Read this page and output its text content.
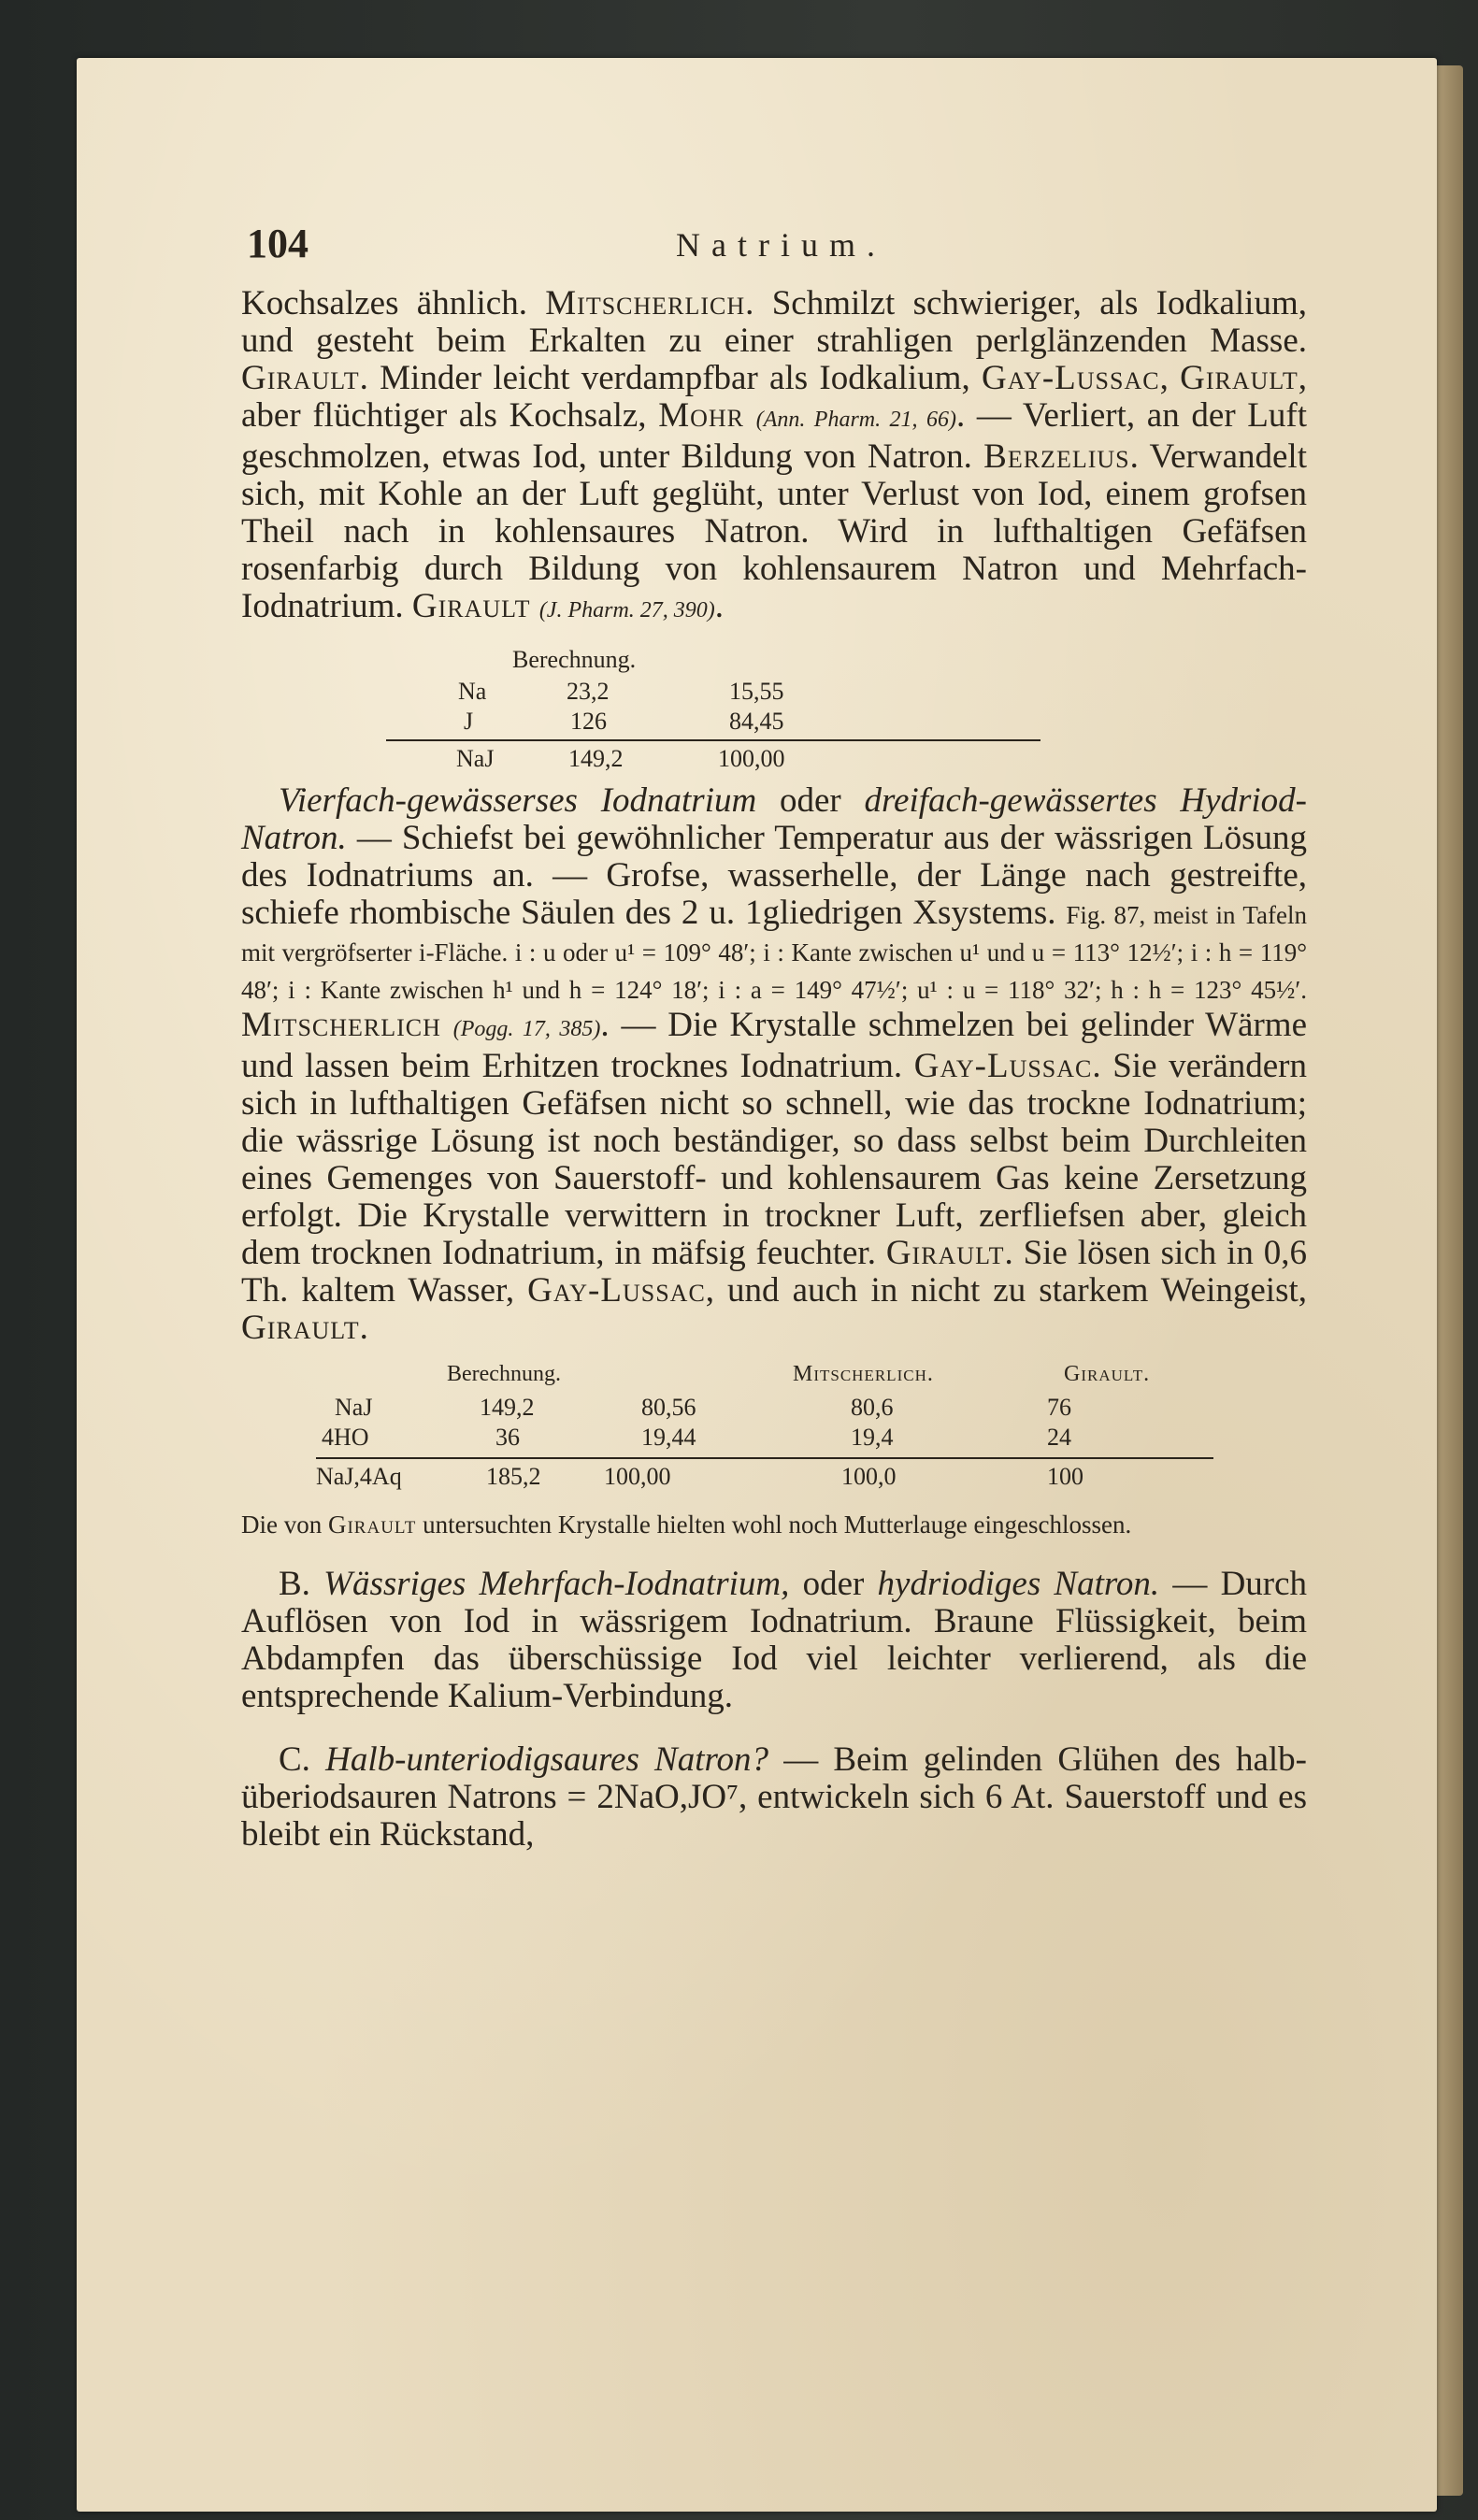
104	Natrium.

Kochsalzes ähnlich. Mitscherlich. Schmilzt schwieriger, als Iodkalium, und gesteht beim Erkalten zu einer strahligen perlglänzenden Masse. Girault. Minder leicht verdampfbar als Iodkalium, Gay-Lussac, Girault, aber flüchtiger als Kochsalz, Mohr (Ann. Pharm. 21, 66). — Verliert, an der Luft geschmolzen, etwas Iod, unter Bildung von Natron. Berzelius. Verwandelt sich, mit Kohle an der Luft geglüht, unter Verlust von Iod, einem grofsen Theil nach in kohlensaures Natron. Wird in lufthaltigen Gefäfsen rosenfarbig durch Bildung von kohlensaurem Natron und Mehrfach-Iodnatrium. Girault (J. Pharm. 27, 390).

Berechnung.
Na	23,2	15,55
J	126	84,45
NaJ	149,2	100,00

Vierfach-gewässerses Iodnatrium oder dreifach-gewässertes Hydriod-Natron. — Schiefst bei gewöhnlicher Temperatur aus der wässrigen Lösung des Iodnatriums an. — Grofse, wasserhelle, der Länge nach gestreifte, schiefe rhombische Säulen des 2 u. 1gliedrigen Xsystems. Fig. 87, meist in Tafeln mit vergröfserter i-Fläche. i : u oder u¹ = 109° 48′; i : Kante zwischen u¹ und u = 113° 12½′; i : h = 119° 48′; i : Kante zwischen h¹ und h = 124° 18′; i : a = 149° 47½′; u¹ : u = 118° 32′; h : h = 123° 45½′. Mitscherlich (Pogg. 17, 385). — Die Krystalle schmelzen bei gelinder Wärme und lassen beim Erhitzen trocknes Iodnatrium. Gay-Lussac. Sie verändern sich in lufthaltigen Gefäfsen nicht so schnell, wie das trockne Iodnatrium; die wässrige Lösung ist noch beständiger, so dass selbst beim Durchleiten eines Gemenges von Sauerstoff- und kohlensaurem Gas keine Zersetzung erfolgt. Die Krystalle verwittern in trockner Luft, zerfliefsen aber, gleich dem trocknen Iodnatrium, in mäfsig feuchter. Girault. Sie lösen sich in 0,6 Th. kaltem Wasser, Gay-Lussac, und auch in nicht zu starkem Weingeist, Girault.

Berechnung.	Mitscherlich.	Girault.
NaJ	149,2	80,56	80,6	76
4HO	36	19,44	19,4	24
NaJ,4Aq	185,2	100,00	100,0	100

Die von Girault untersuchten Krystalle hielten wohl noch Mutterlauge eingeschlossen.

B. Wässriges Mehrfach-Iodnatrium, oder hydriodiges Natron. — Durch Auflösen von Iod in wässrigem Iodnatrium. Braune Flüssigkeit, beim Abdampfen das überschüssige Iod viel leichter verlierend, als die entsprechende Kalium-Verbindung.

C. Halb-unteriodigsaures Natron? — Beim gelinden Glühen des halb-überiodsauren Natrons = 2NaO,JO⁷, entwickeln sich 6 At. Sauerstoff und es bleibt ein Rückstand,
